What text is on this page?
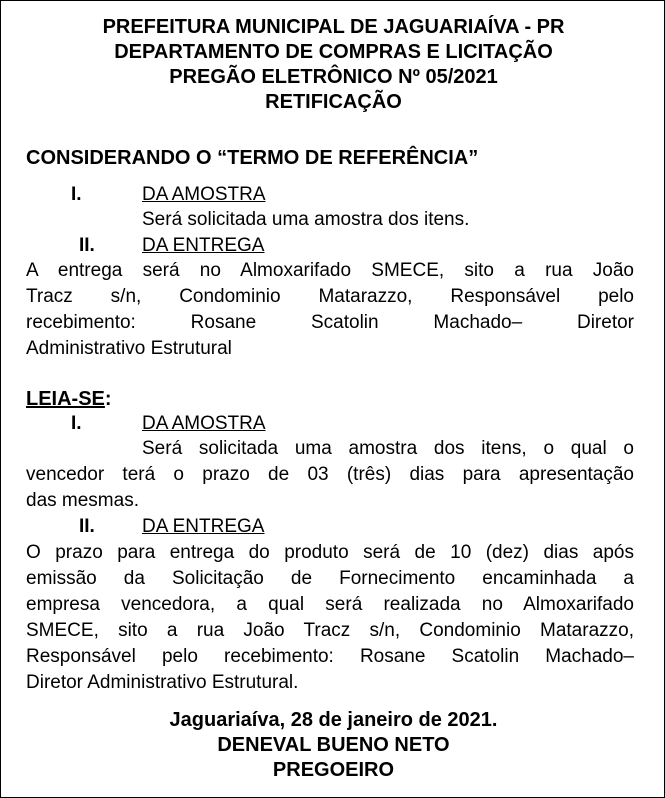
PREFEITURA MUNICIPAL DE JAGUARIAÍVA - PR
DEPARTAMENTO DE COMPRAS E LICITAÇÃO
PREGÃO ELETRÔNICO Nº 05/2021
RETIFICAÇÃO
CONSIDERANDO O “TERMO DE REFERÊNCIA”
I.	DA AMOSTRA
Será solicitada uma amostra dos itens.
II.	DA ENTREGA
A entrega será no Almoxarifado SMECE, sito a rua João
Tracz s/n, Condominio Matarazzo, Responsável pelo
recebimento: Rosane Scatolin Machado– Diretor
Administrativo Estrutural
LEIA-SE:
I.	DA AMOSTRA
Será solicitada uma amostra dos itens, o qual o
vencedor terá o prazo de 03 (três) dias para apresentação
das mesmas.
II.	DA ENTREGA
O prazo para entrega do produto será de 10 (dez) dias após
emissão da Solicitação de Fornecimento encaminhada a
empresa vencedora, a qual será realizada no Almoxarifado
SMECE, sito a rua João Tracz s/n, Condominio Matarazzo,
Responsável pelo recebimento: Rosane Scatolin Machado–
Diretor Administrativo Estrutural.
Jaguariaíva, 28 de janeiro de 2021.
DENEVAL BUENO NETO
PREGOEIRO
